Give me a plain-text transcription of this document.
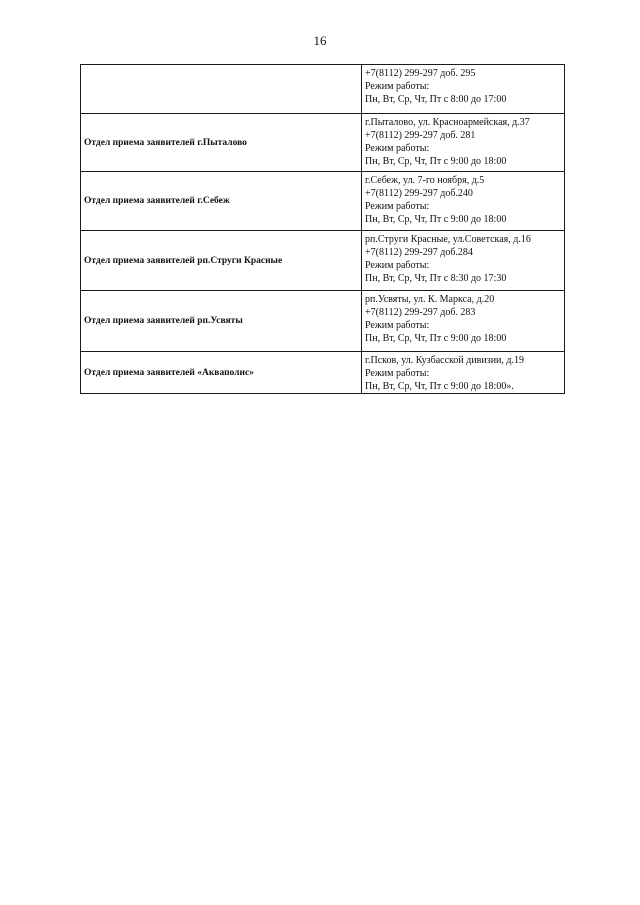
16

	+7(8112) 299-297 доб. 295
Режим работы:
Пн, Вт, Ср, Чт, Пт с 8:00 до 17:00

Отдел приема заявителей г.Пыталово	г.Пыталово, ул. Красноармейская, д.37
+7(8112) 299-297 доб. 281
Режим работы:
Пн, Вт, Ср, Чт, Пт с 9:00 до 18:00

Отдел приема заявителей г.Себеж	г.Себеж, ул. 7-го ноября, д.5
+7(8112) 299-297 доб.240
Режим работы:
Пн, Вт, Ср, Чт, Пт с 9:00 до 18:00

Отдел приема заявителей рп.Струги Красные	рп.Струги Красные, ул.Советская, д.16
+7(8112) 299-297 доб.284
Режим работы:
Пн, Вт, Ср, Чт, Пт с 8:30 до 17:30

Отдел приема заявителей рп.Усвяты	рп.Усвяты, ул. К. Маркса, д.20
+7(8112) 299-297 доб. 283
Режим работы:
Пн, Вт, Ср, Чт, Пт с 9:00 до 18:00

Отдел приема заявителей «Акваполис»	г.Псков, ул. Кузбасской дивизии, д.19
Режим работы:
Пн, Вт, Ср, Чт, Пт с 9:00 до 18:00».
